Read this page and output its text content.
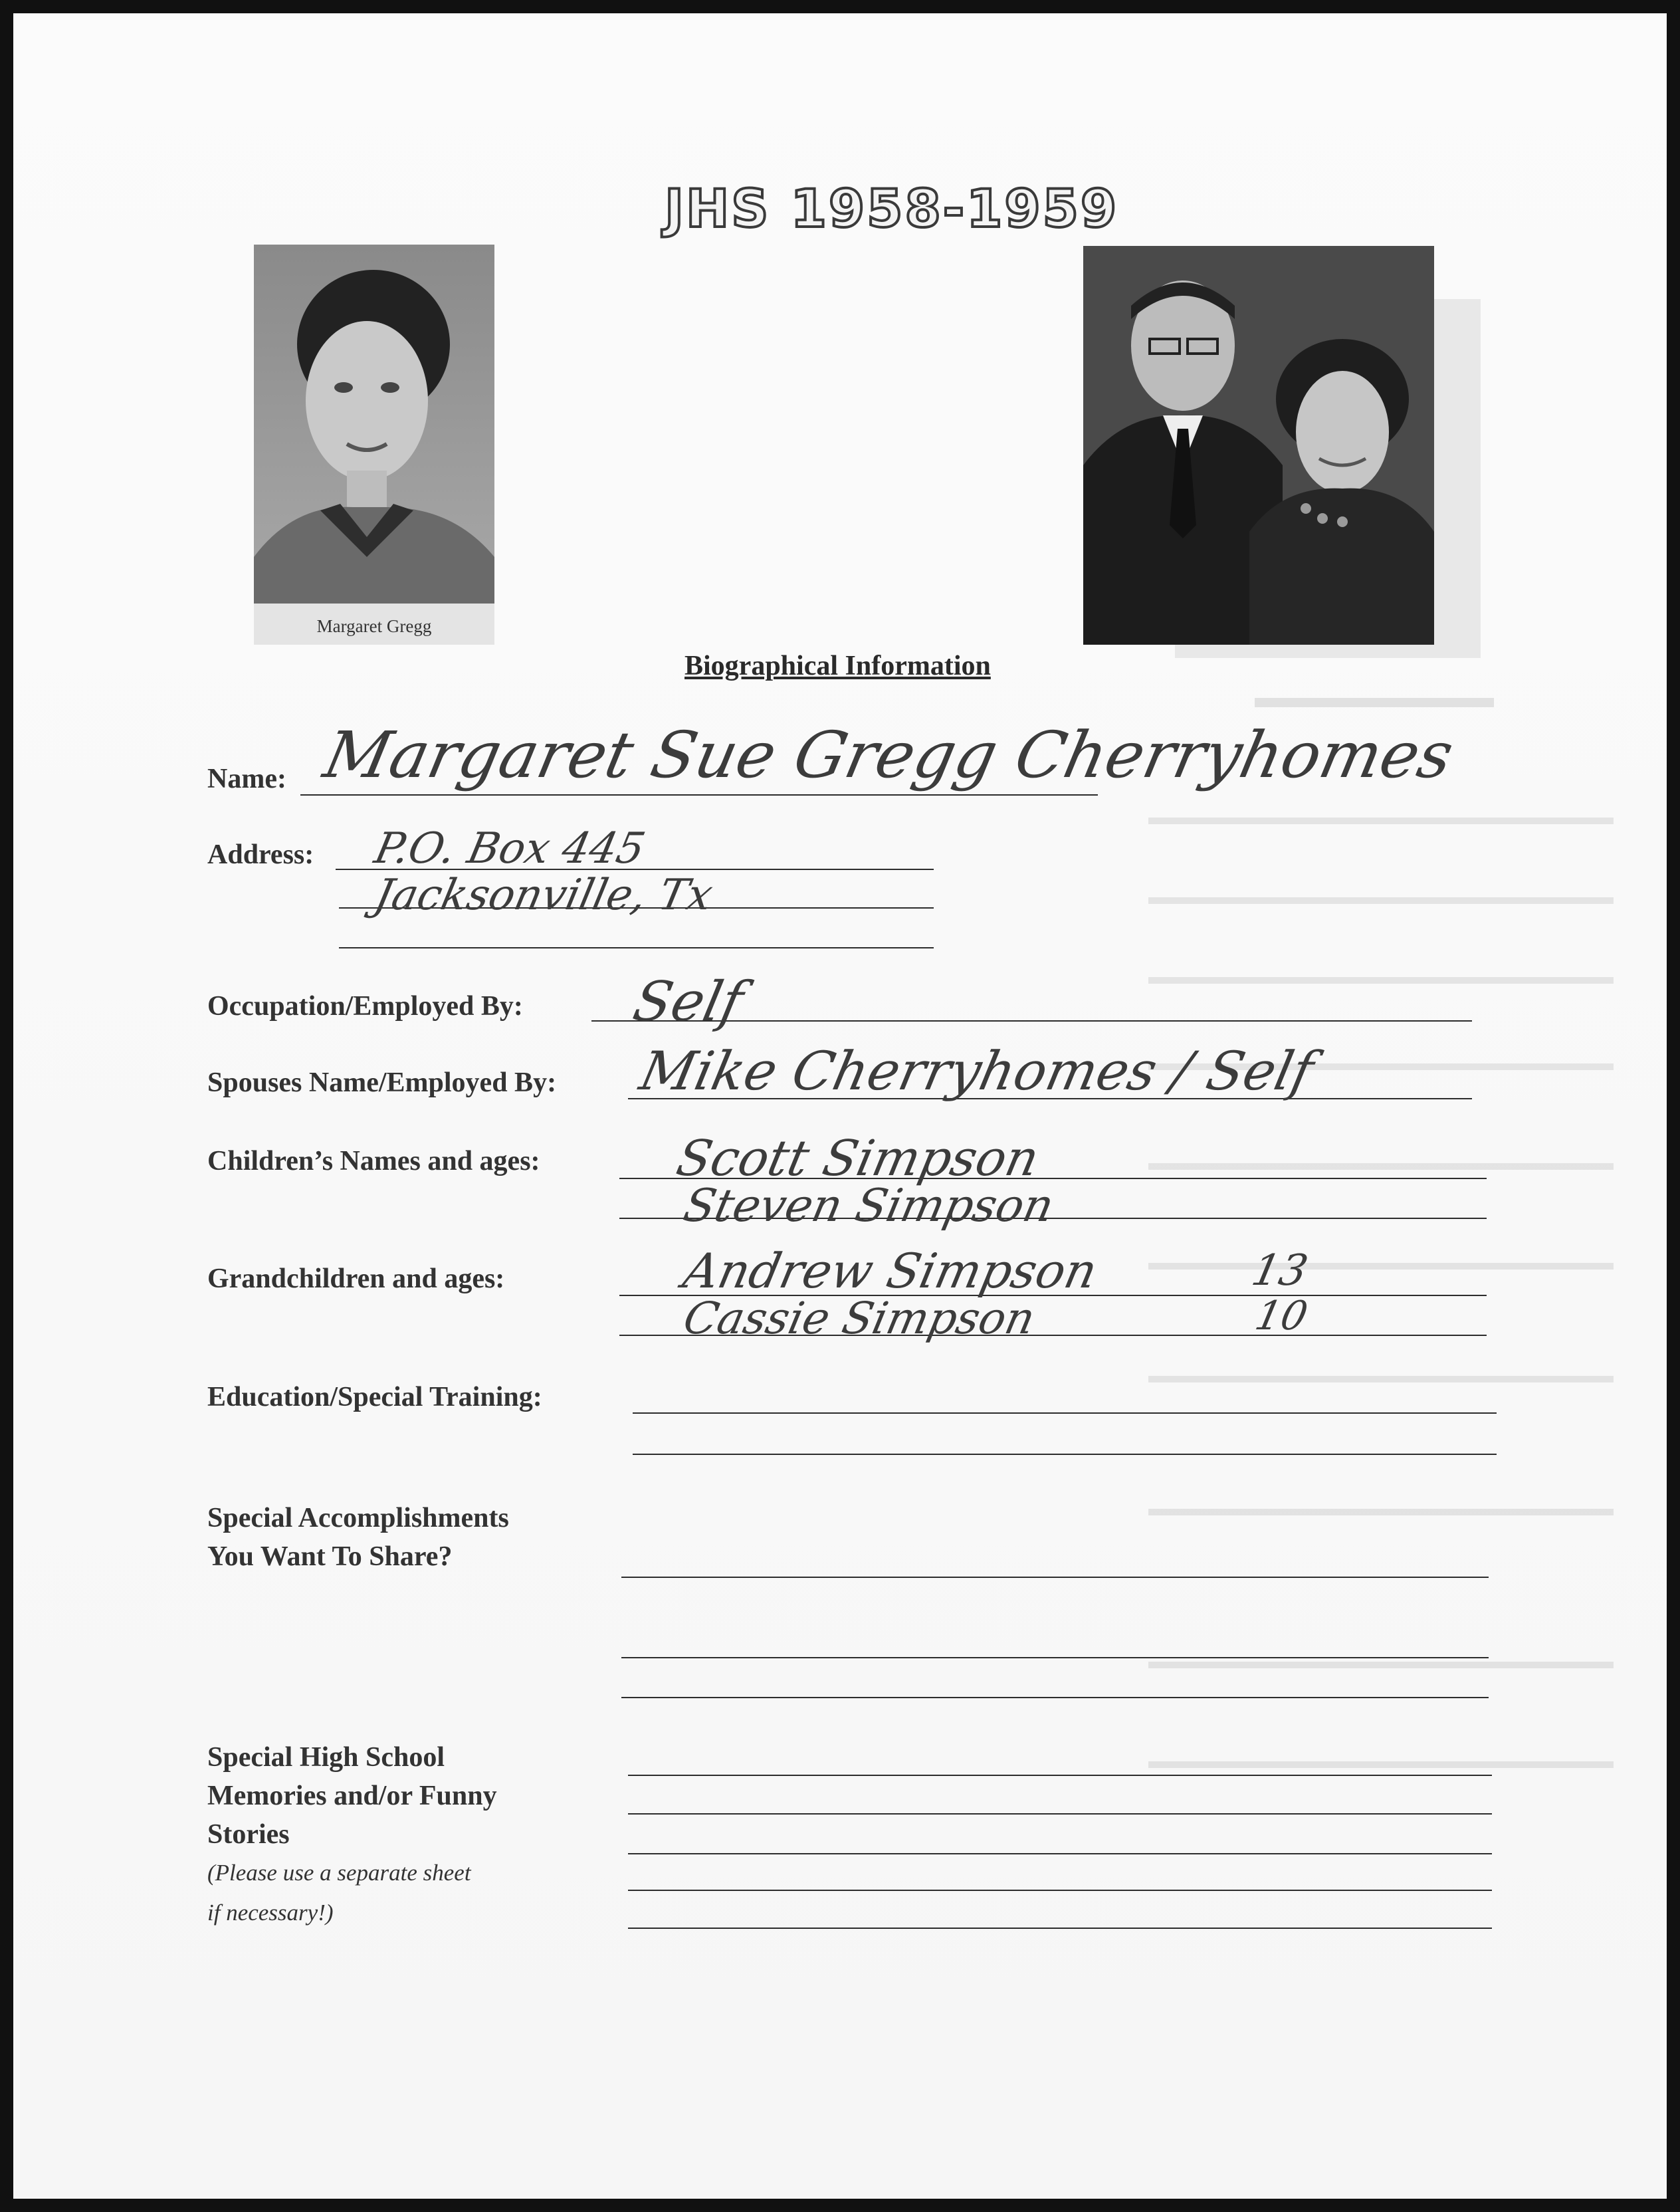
JHS 1958-1959
Margaret Gregg
Biographical Information
Name: Margaret Sue Gregg Cherryhomes
Address: P.O. Box 445
Jacksonville, Tx
Occupation/Employed By: Self
Spouses Name/Employed By: Mike Cherryhomes / Self
Children’s Names and ages:	Scott Simpson
Steven Simpson
Grandchildren and ages:	Andrew Simpson	13
Cassie Simpson	10
Education/Special Training:
Special Accomplishments
You Want To Share?
Special High School
Memories and/or Funny
Stories
(Please use a separate sheet
if necessary!)
